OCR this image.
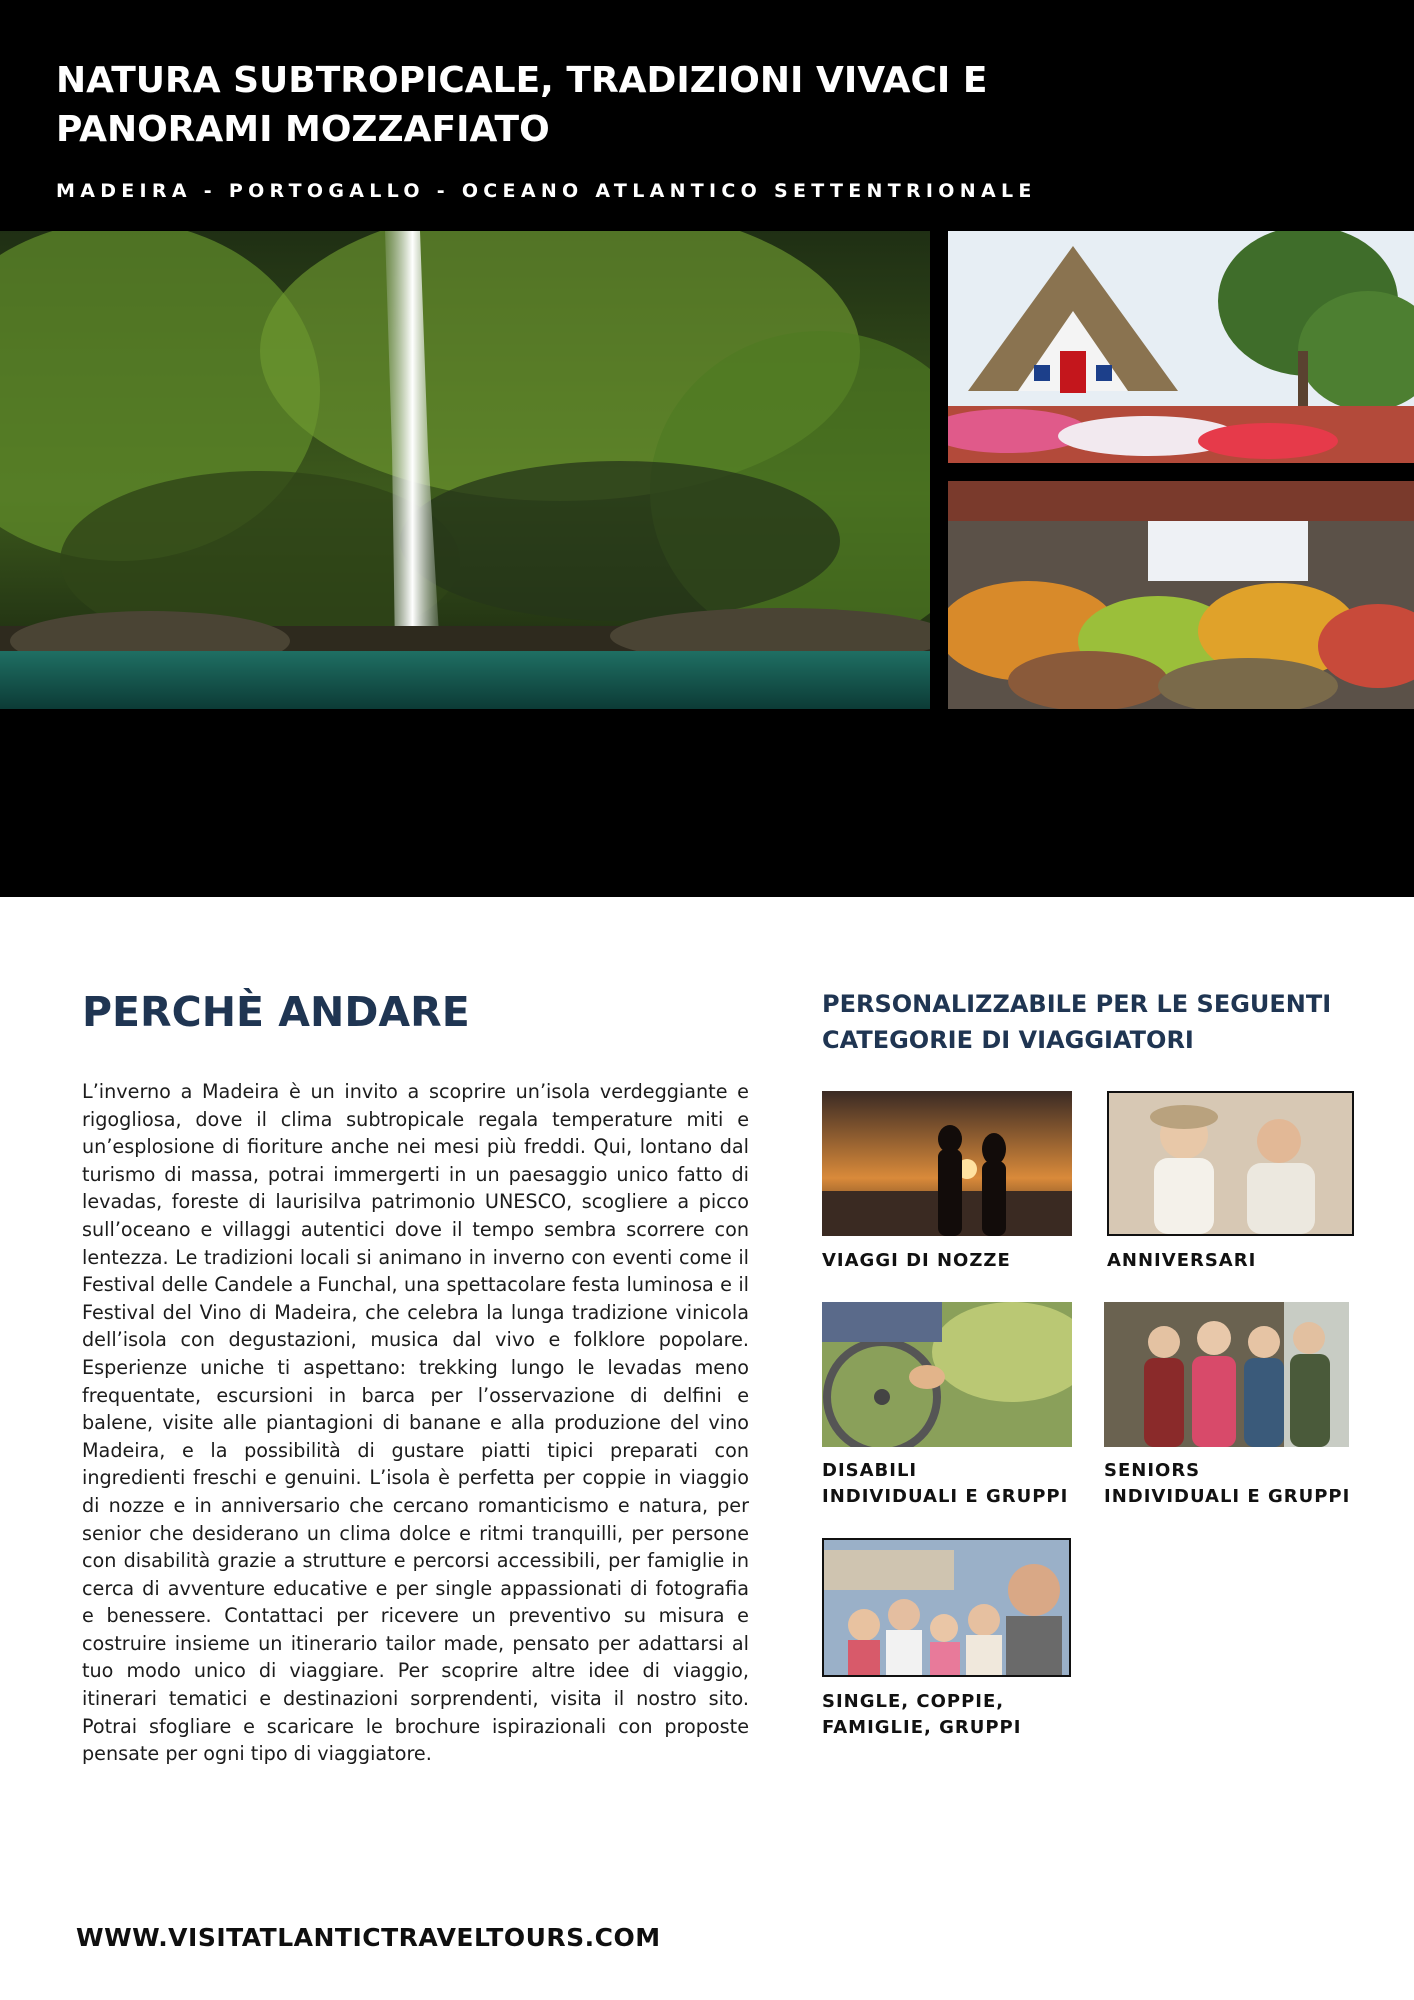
NATURA SUBTROPICALE, TRADIZIONI VIVACI E PANORAMI MOZZAFIATO
MADEIRA - PORTOGALLO - OCEANO ATLANTICO SETTENTRIONALE
PERCHÈ ANDARE

L’inverno a Madeira è un invito a scoprire un’isola verdeggiante e rigogliosa, dove il clima subtropicale regala temperature miti e un’esplosione di fioriture anche nei mesi più freddi. Qui, lontano dal turismo di massa, potrai immergerti in un paesaggio unico fatto di levadas, foreste di laurisilva patrimonio UNESCO, scogliere a picco sull’oceano e villaggi autentici dove il tempo sembra scorrere con lentezza. Le tradizioni locali si animano in inverno con eventi come il Festival delle Candele a Funchal, una spettacolare festa luminosa e il Festival del Vino di Madeira, che celebra la lunga tradizione vinicola dell’isola con degustazioni, musica dal vivo e folklore popolare. Esperienze uniche ti aspettano: trekking lungo le levadas meno frequentate, escursioni in barca per l’osservazione di delfini e balene, visite alle piantagioni di banane e alla produzione del vino Madeira, e la possibilità di gustare piatti tipici preparati con ingredienti freschi e genuini. L’isola è perfetta per coppie in viaggio di nozze e in anniversario che cercano romanticismo e natura, per senior che desiderano un clima dolce e ritmi tranquilli, per persone con disabilità grazie a strutture e percorsi accessibili, per famiglie in cerca di avventure educative e per single appassionati di fotografia e benessere. Contattaci per ricevere un preventivo su misura e costruire insieme un itinerario tailor made, pensato per adattarsi al tuo modo unico di viaggiare. Per scoprire altre idee di viaggio, itinerari tematici e destinazioni sorprendenti, visita il nostro sito. Potrai sfogliare e scaricare le brochure ispirazionali con proposte pensate per ogni tipo di viaggiatore.

PERSONALIZZABILE PER LE SEGUENTI CATEGORIE DI VIAGGIATORI
VIAGGI DI NOZZE	ANNIVERSARI
DISABILI
INDIVIDUALI E GRUPPI
SENIORS
INDIVIDUALI E GRUPPI
SINGLE, COPPIE,
FAMIGLIE, GRUPPI
WWW.VISITATLANTICTRAVELTOURS.COM
